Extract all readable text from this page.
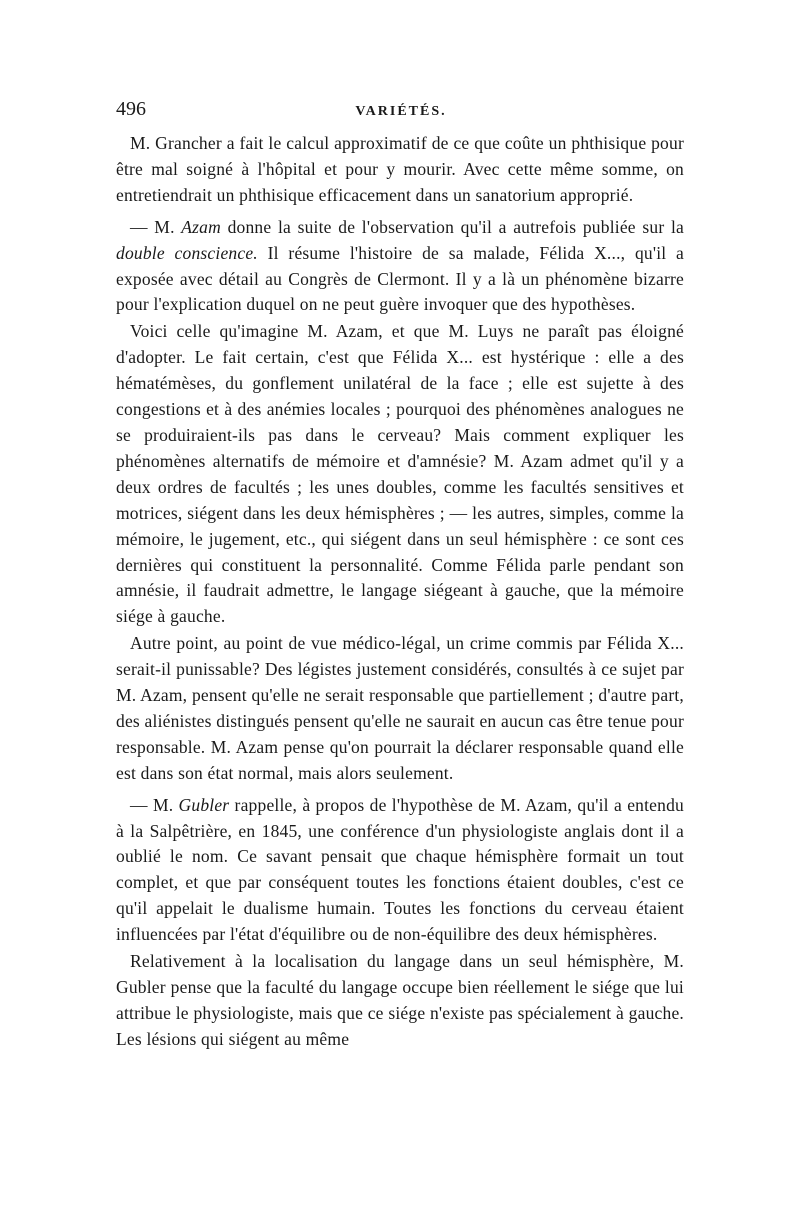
496	VARIÉTÉS.

M. Grancher a fait le calcul approximatif de ce que coûte un phthisique pour être mal soigné à l'hôpital et pour y mourir. Avec cette même somme, on entretiendrait un phthisique efficacement dans un sanatorium approprié.

— M. Azam donne la suite de l'observation qu'il a autrefois publiée sur la double conscience. Il résume l'histoire de sa malade, Félida X..., qu'il a exposée avec détail au Congrès de Clermont. Il y a là un phénomène bizarre pour l'explication duquel on ne peut guère invoquer que des hypothèses.

Voici celle qu'imagine M. Azam, et que M. Luys ne paraît pas éloigné d'adopter. Le fait certain, c'est que Félida X... est hystérique : elle a des hématémèses, du gonflement unilatéral de la face ; elle est sujette à des congestions et à des anémies locales ; pourquoi des phénomènes analogues ne se produiraient-ils pas dans le cerveau? Mais comment expliquer les phénomènes alternatifs de mémoire et d'amnésie? M. Azam admet qu'il y a deux ordres de facultés ; les unes doubles, comme les facultés sensitives et motrices, siégent dans les deux hémisphères ; — les autres, simples, comme la mémoire, le jugement, etc., qui siégent dans un seul hémisphère : ce sont ces dernières qui constituent la personnalité. Comme Félida parle pendant son amnésie, il faudrait admettre, le langage siégeant à gauche, que la mémoire siége à gauche.

Autre point, au point de vue médico-légal, un crime commis par Félida X... serait-il punissable? Des légistes justement considérés, consultés à ce sujet par M. Azam, pensent qu'elle ne serait responsable que partiellement ; d'autre part, des aliénistes distingués pensent qu'elle ne saurait en aucun cas être tenue pour responsable. M. Azam pense qu'on pourrait la déclarer responsable quand elle est dans son état normal, mais alors seulement.

— M. Gubler rappelle, à propos de l'hypothèse de M. Azam, qu'il a entendu à la Salpêtrière, en 1845, une conférence d'un physiologiste anglais dont il a oublié le nom. Ce savant pensait que chaque hémisphère formait un tout complet, et que par conséquent toutes les fonctions étaient doubles, c'est ce qu'il appelait le dualisme humain. Toutes les fonctions du cerveau étaient influencées par l'état d'équilibre ou de non-équilibre des deux hémisphères.

Relativement à la localisation du langage dans un seul hémisphère, M. Gubler pense que la faculté du langage occupe bien réellement le siége que lui attribue le physiologiste, mais que ce siége n'existe pas spécialement à gauche. Les lésions qui siégent au même
